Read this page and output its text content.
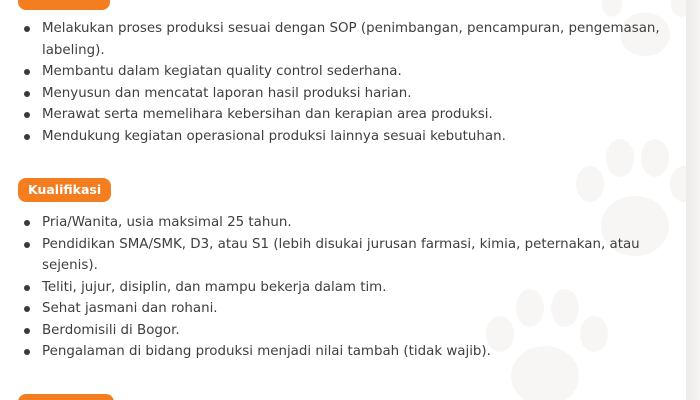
Melakukan proses produksi sesuai dengan SOP (penimbangan, pencampuran, pengemasan, labeling).
Membantu dalam kegiatan quality control sederhana.
Menyusun dan mencatat laporan hasil produksi harian.
Merawat serta memelihara kebersihan dan kerapian area produksi.
Mendukung kegiatan operasional produksi lainnya sesuai kebutuhan.
Kualifikasi
Pria/Wanita, usia maksimal 25 tahun.
Pendidikan SMA/SMK, D3, atau S1 (lebih disukai jurusan farmasi, kimia, peternakan, atau sejenis).
Teliti, jujur, disiplin, dan mampu bekerja dalam tim.
Sehat jasmani dan rohani.
Berdomisili di Bogor.
Pengalaman di bidang produksi menjadi nilai tambah (tidak wajib).
